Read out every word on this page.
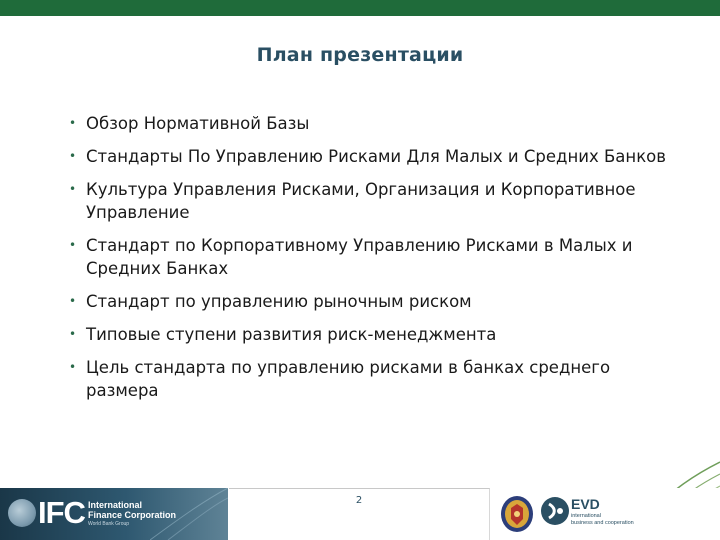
План презентации
• Обзор Нормативной Базы
• Стандарты По Управлению Рисками Для Малых и Средних Банков
• Культура Управления Рисками, Организация и Корпоративное Управление
• Стандарт по Корпоративному Управлению Рисками в Малых и Средних Банках
• Стандарт по управлению рыночным риском
• Типовые ступени развития риск-менеджмента
• Цель стандарта по управлению рисками в банках среднего размера
IFC International
Finance Corporation
World Bank Group
2	EVD
international
business and cooperation
